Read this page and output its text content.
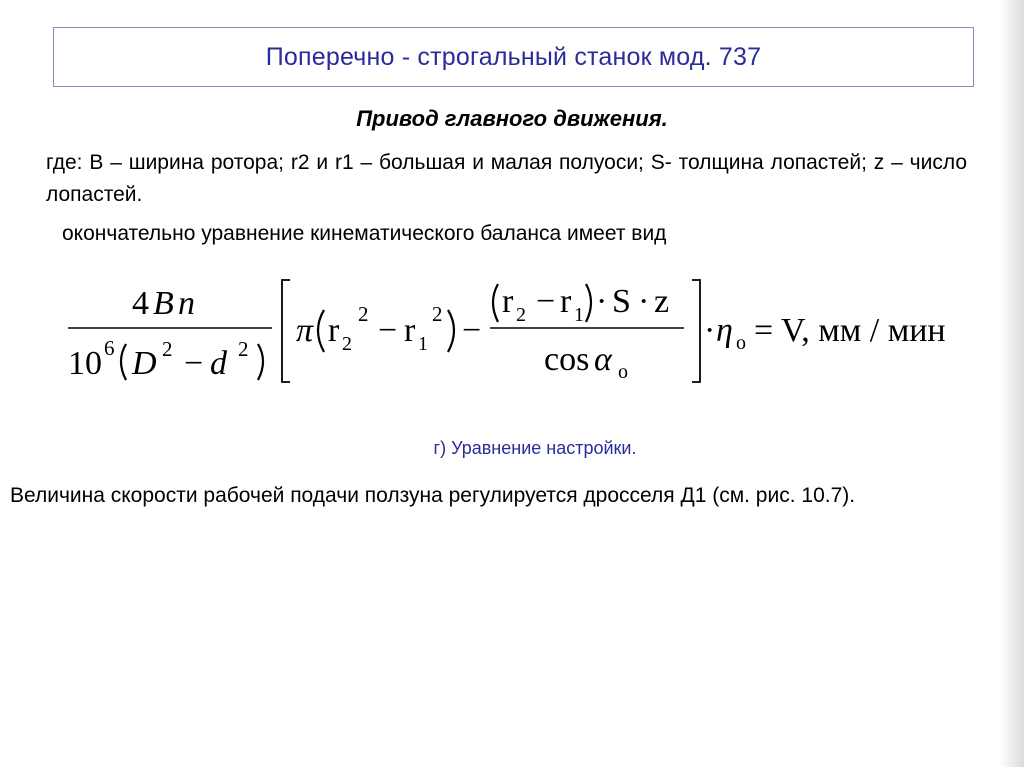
Поперечно - строгальный станок мод. 737
Привод главного движения.
где: В – ширина ротора; r2 и r1 – большая и малая полуоси; S- толщина лопастей; z – число лопастей.
окончательно уравнение кинематического баланса имеет вид
4 B n
10 6 D 2 − d 2 π r 2
2 − r 1
2 −
r 2 − r 1 · S · z
cos α o
· η o = V, мм / мин
г) Уравнение настройки.
Величина скорости рабочей подачи ползуна регулируется дросселя Д1 (см. рис. 10.7).
